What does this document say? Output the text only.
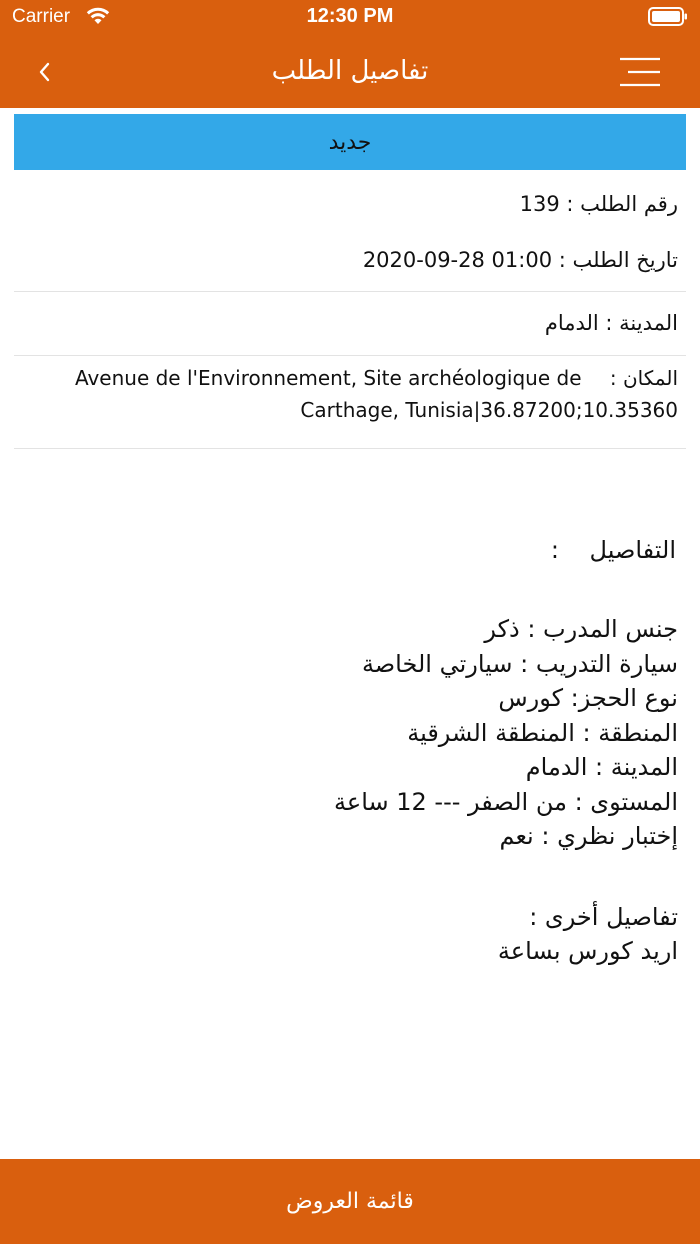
Carrier	12:30 PM
تفاصيل الطلب
جديد
رقم الطلب : 139
تاريخ الطلب : 2020-09-28 01:00
المدينة : الدمام
المكان : Avenue de l'Environnement, Site archéologique de Carthage, Tunisia|36.87200;10.35360
التفاصيل    :
جنس المدرب : ذكر
سيارة التدريب : سيارتي الخاصة
نوع الحجز: كورس
المنطقة : المنطقة الشرقية
المدينة : الدمام
المستوى : من الصفر --- 12 ساعة
إختبار نظري : نعم
تفاصيل أخرى :
اريد كورس بساعة
قائمة العروض
